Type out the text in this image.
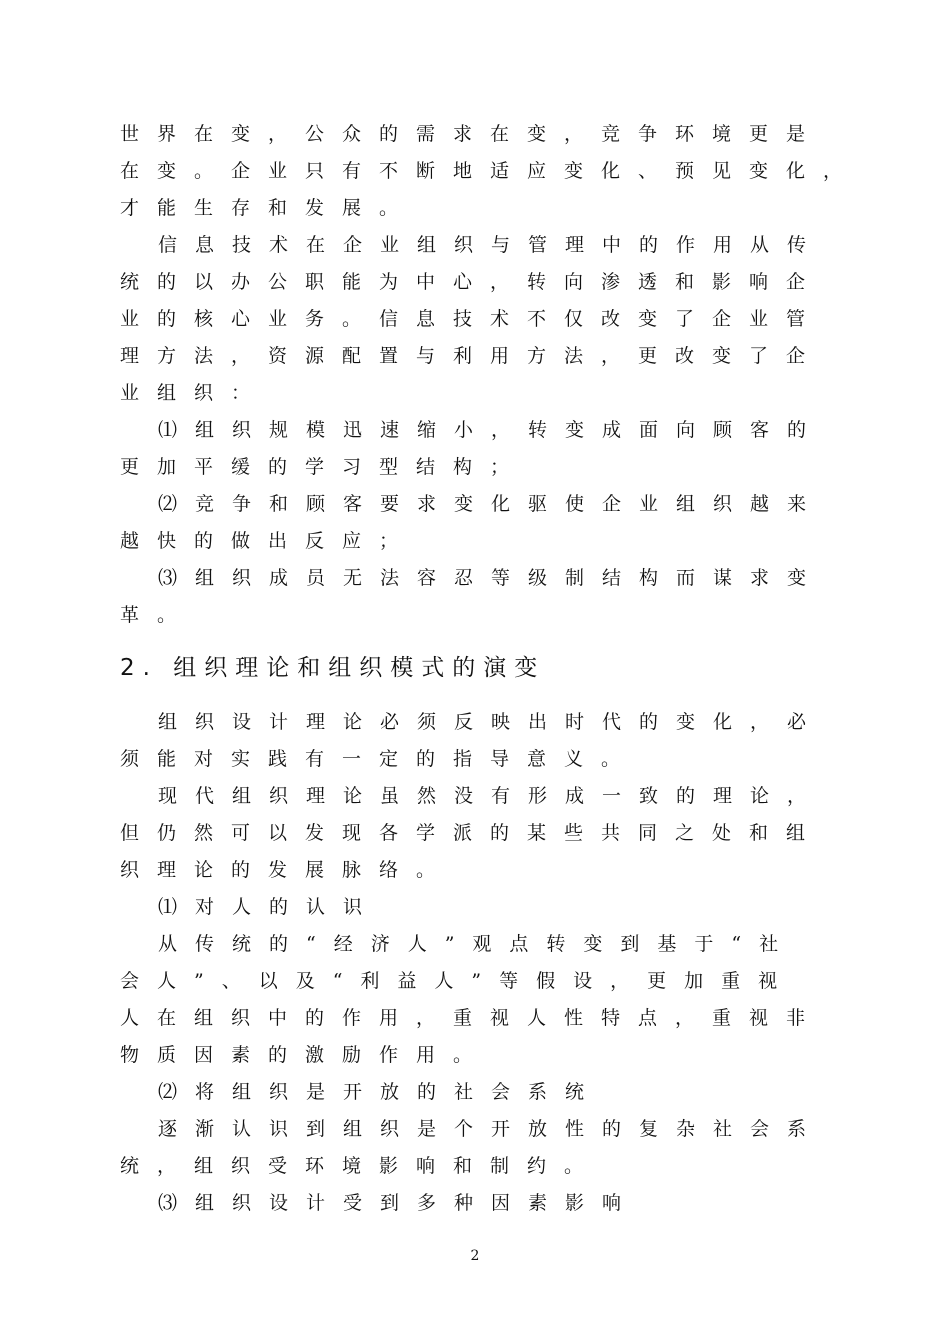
世界在变，公众的需求在变，竞争环境更是
在变。企业只有不断地适应变化、预见变化，
才能生存和发展。
信息技术在企业组织与管理中的作用从传
统的以办公职能为中心，转向渗透和影响企
业的核心业务。信息技术不仅改变了企业管
理方法，资源配置与利用方法，更改变了企
业组织：
⑴组织规模迅速缩小，转变成面向顾客的
更加平缓的学习型结构；
⑵竞争和顾客要求变化驱使企业组织越来
越快的做出反应；
⑶组织成员无法容忍等级制结构而谋求变
革。
2. 组织理论和组织模式的演变
组织设计理论必须反映出时代的变化，必
须能对实践有一定的指导意义。
现代组织理论虽然没有形成一致的理论，
但仍然可以发现各学派的某些共同之处和组
织理论的发展脉络。
⑴对人的认识
从传统的“经济人”观点转变到基于“社
会人”、以及“利益人”等假设，更加重视
人在组织中的作用，重视人性特点，重视非
物质因素的激励作用。
⑵将组织是开放的社会系统
逐渐认识到组织是个开放性的复杂社会系
统，组织受环境影响和制约。
⑶组织设计受到多种因素影响
2
